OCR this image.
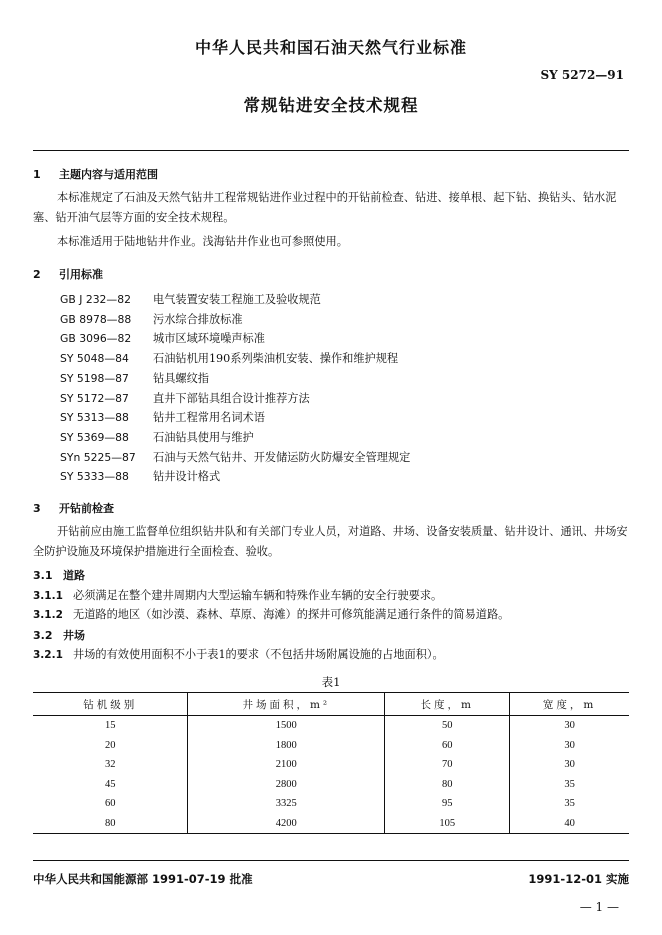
中华人民共和国石油天然气行业标准
SY 5272—91
常规钻进安全技术规程
1 主题内容与适用范围
本标准规定了石油及天然气钻井工程常规钻进作业过程中的开钻前检查、钻进、接单根、起下钻、换钻头、钻水泥塞、钻开油气层等方面的安全技术规程。
本标准适用于陆地钻井作业。浅海钻井作业也可参照使用。
2 引用标准
GB J 232—82 电气装置安装工程施工及验收规范
GB 8978—88 污水综合排放标准
GB 3096—82 城市区域环境噪声标准
SY 5048—84 石油钻机用190系列柴油机安装、操作和维护规程
SY 5198—87 钻具螺纹指
SY 5172—87 直井下部钻具组合设计推荐方法
SY 5313—88 钻井工程常用名词术语
SY 5369—88 石油钻具使用与维护
SYn 5225—87 石油与天然气钻井、开发储运防火防爆安全管理规定
SY 5333—88 钻井设计格式
3 开钻前检查
开钻前应由施工监督单位组织钻井队和有关部门专业人员，对道路、井场、设备安装质量、钻井设计、通讯、井场安全防护设施及环境保护措施进行全面检查、验收。
3.1 道路
3.1.1 必须满足在整个建井周期内大型运输车辆和特殊作业车辆的安全行驶要求。
3.1.2 无道路的地区（如沙漠、森林、草原、海滩）的探井可修筑能满足通行条件的简易道路。
3.2 井场
3.2.1 井场的有效使用面积不小于表1的要求（不包括井场附属设施的占地面积）。
表1
钻机级别	井场面积，m²	长度，m	宽度，m
15	1500	50	30
20	1800	60	30
32	2100	70	30
45	2800	80	35
60	3325	95	35
80	4200	105	40
中华人民共和国能源部 1991-07-19 批准	1991-12-01 实施
— 1 —
